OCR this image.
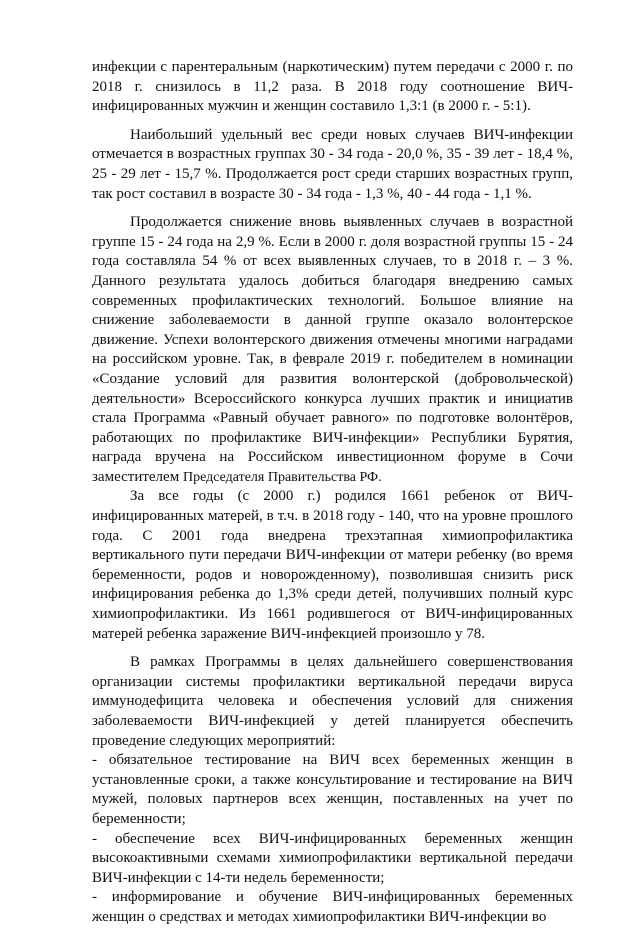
инфекции с парентеральным (наркотическим) путем передачи с 2000 г. по 2018 г. снизилось в 11,2 раза. В 2018 году соотношение ВИЧ-инфицированных мужчин и женщин составило 1,3:1 (в 2000 г. - 5:1).

Наибольший удельный вес среди новых случаев ВИЧ-инфекции отмечается в возрастных группах 30 - 34 года - 20,0 %, 35 - 39 лет - 18,4 %, 25 - 29 лет - 15,7 %. Продолжается рост среди старших возрастных групп, так рост составил в возрасте 30 - 34 года - 1,3 %, 40 - 44 года - 1,1 %.

Продолжается снижение вновь выявленных случаев в возрастной группе 15 - 24 года на 2,9 %. Если в 2000 г. доля возрастной группы 15 - 24 года составляла 54 % от всех выявленных случаев, то в 2018 г. – 3 %. Данного результата удалось добиться благодаря внедрению самых современных профилактических технологий. Большое влияние на снижение заболеваемости в данной группе оказало волонтерское движение. Успехи волонтерского движения отмечены многими наградами на российском уровне. Так, в феврале 2019 г. победителем в номинации «Создание условий для развития волонтерской (добровольческой) деятельности» Всероссийского конкурса лучших практик и инициатив стала Программа «Равный обучает равного» по подготовке волонтёров, работающих по профилактике ВИЧ-инфекции» Республики Бурятия, награда вручена на Российском инвестиционном форуме в Сочи заместителем Председателя Правительства РФ.

За все годы (с 2000 г.) родился 1661 ребенок от ВИЧ-инфицированных матерей, в т.ч. в 2018 году - 140, что на уровне прошлого года. С 2001 года внедрена трехэтапная химиопрофилактика вертикального пути передачи ВИЧ-инфекции от матери ребенку (во время беременности, родов и новорожденному), позволившая снизить риск инфицирования ребенка до 1,3% среди детей, получивших полный курс химиопрофилактики. Из 1661 родившегося от ВИЧ-инфицированных матерей ребенка заражение ВИЧ-инфекцией произошло у 78.

В рамках Программы в целях дальнейшего совершенствования организации системы профилактики вертикальной передачи вируса иммунодефицита человека и обеспечения условий для снижения заболеваемости ВИЧ-инфекцией у детей планируется обеспечить проведение следующих мероприятий:

- обязательное тестирование на ВИЧ всех беременных женщин в установленные сроки, а также консультирование и тестирование на ВИЧ мужей, половых партнеров всех женщин, поставленных на учет по беременности;

- обеспечение всех ВИЧ-инфицированных беременных женщин высокоактивными схемами химиопрофилактики вертикальной передачи ВИЧ-инфекции с 14-ти недель беременности;

- информирование и обучение ВИЧ-инфицированных беременных женщин о средствах и методах химиопрофилактики ВИЧ-инфекции во
